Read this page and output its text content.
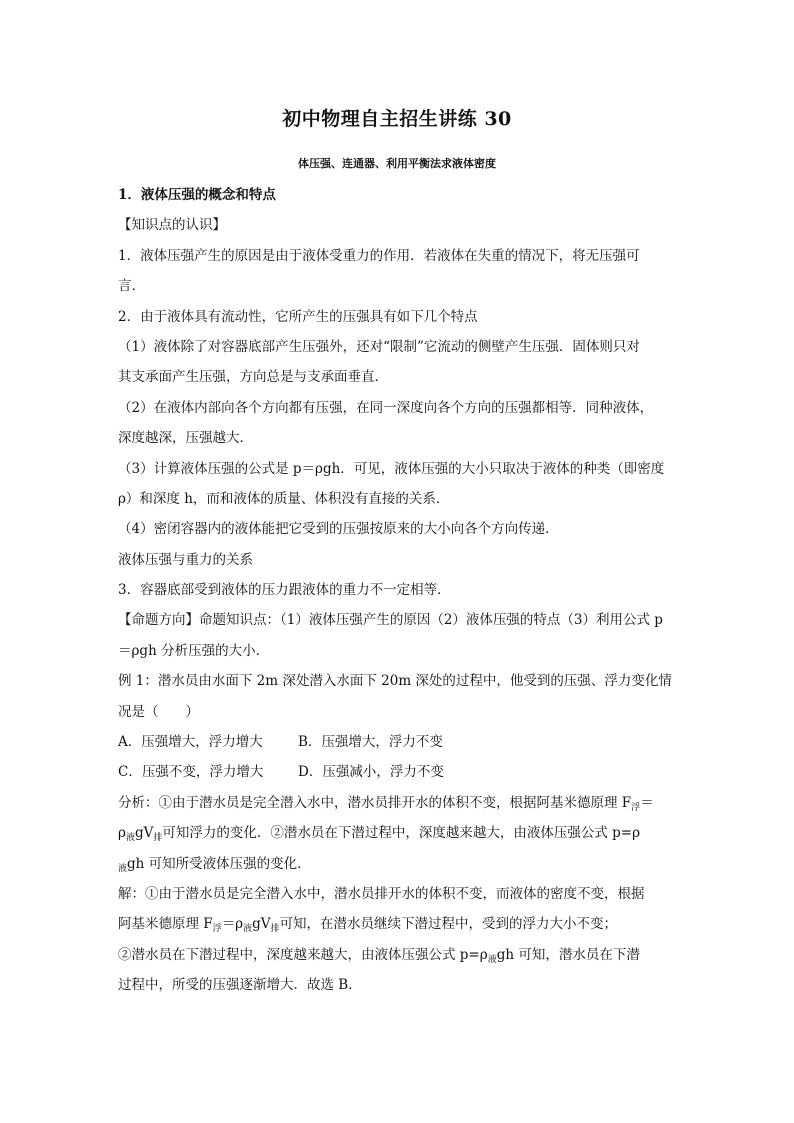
初中物理自主招生讲练 30
体压强、连通器、利用平衡法求液体密度
1．液体压强的概念和特点
【知识点的认识】
1．液体压强产生的原因是由于液体受重力的作用．若液体在失重的情况下，将无压强可
言．
2．由于液体具有流动性，它所产生的压强具有如下几个特点
（1）液体除了对容器底部产生压强外，还对“限制”它流动的侧壁产生压强．固体则只对
其支承面产生压强，方向总是与支承面垂直．
（2）在液体内部向各个方向都有压强，在同一深度向各个方向的压强都相等．同种液体，
深度越深，压强越大．
（3）计算液体压强的公式是 p＝ρgh．可见，液体压强的大小只取决于液体的种类（即密度
ρ）和深度 h，而和液体的质量、体积没有直接的关系．
（4）密闭容器内的液体能把它受到的压强按原来的大小向各个方向传递．
液体压强与重力的关系
3．容器底部受到液体的压力跟液体的重力不一定相等．
【命题方向】命题知识点：（1）液体压强产生的原因（2）液体压强的特点（3）利用公式 p
＝ρgh 分析压强的大小．
例 1：潜水员由水面下 2m 深处潜入水面下 20m 深处的过程中，他受到的压强、浮力变化情
况是（　　）
A．压强增大，浮力增大	B．压强增大，浮力不变
C．压强不变，浮力增大	D．压强减小，浮力不变
分析：①由于潜水员是完全潜入水中，潜水员排开水的体积不变，根据阿基米德原理 $F_浮=$
$\rho_液gV_排$可知浮力的变化．②潜水员在下潜过程中，深度越来越大，由液体压强公式 p=ρ
$_液$gh 可知所受液体压强的变化．
解：①由于潜水员是完全潜入水中，潜水员排开水的体积不变，而液体的密度不变，根据
阿基米德原理 $F_浮=\rho_液gV_排$可知，在潜水员继续下潜过程中，受到的浮力大小不变；
②潜水员在下潜过程中，深度越来越大，由液体压强公式 $p=\rho_液gh$ 可知，潜水员在下潜
过程中，所受的压强逐渐增大．故选 B．
